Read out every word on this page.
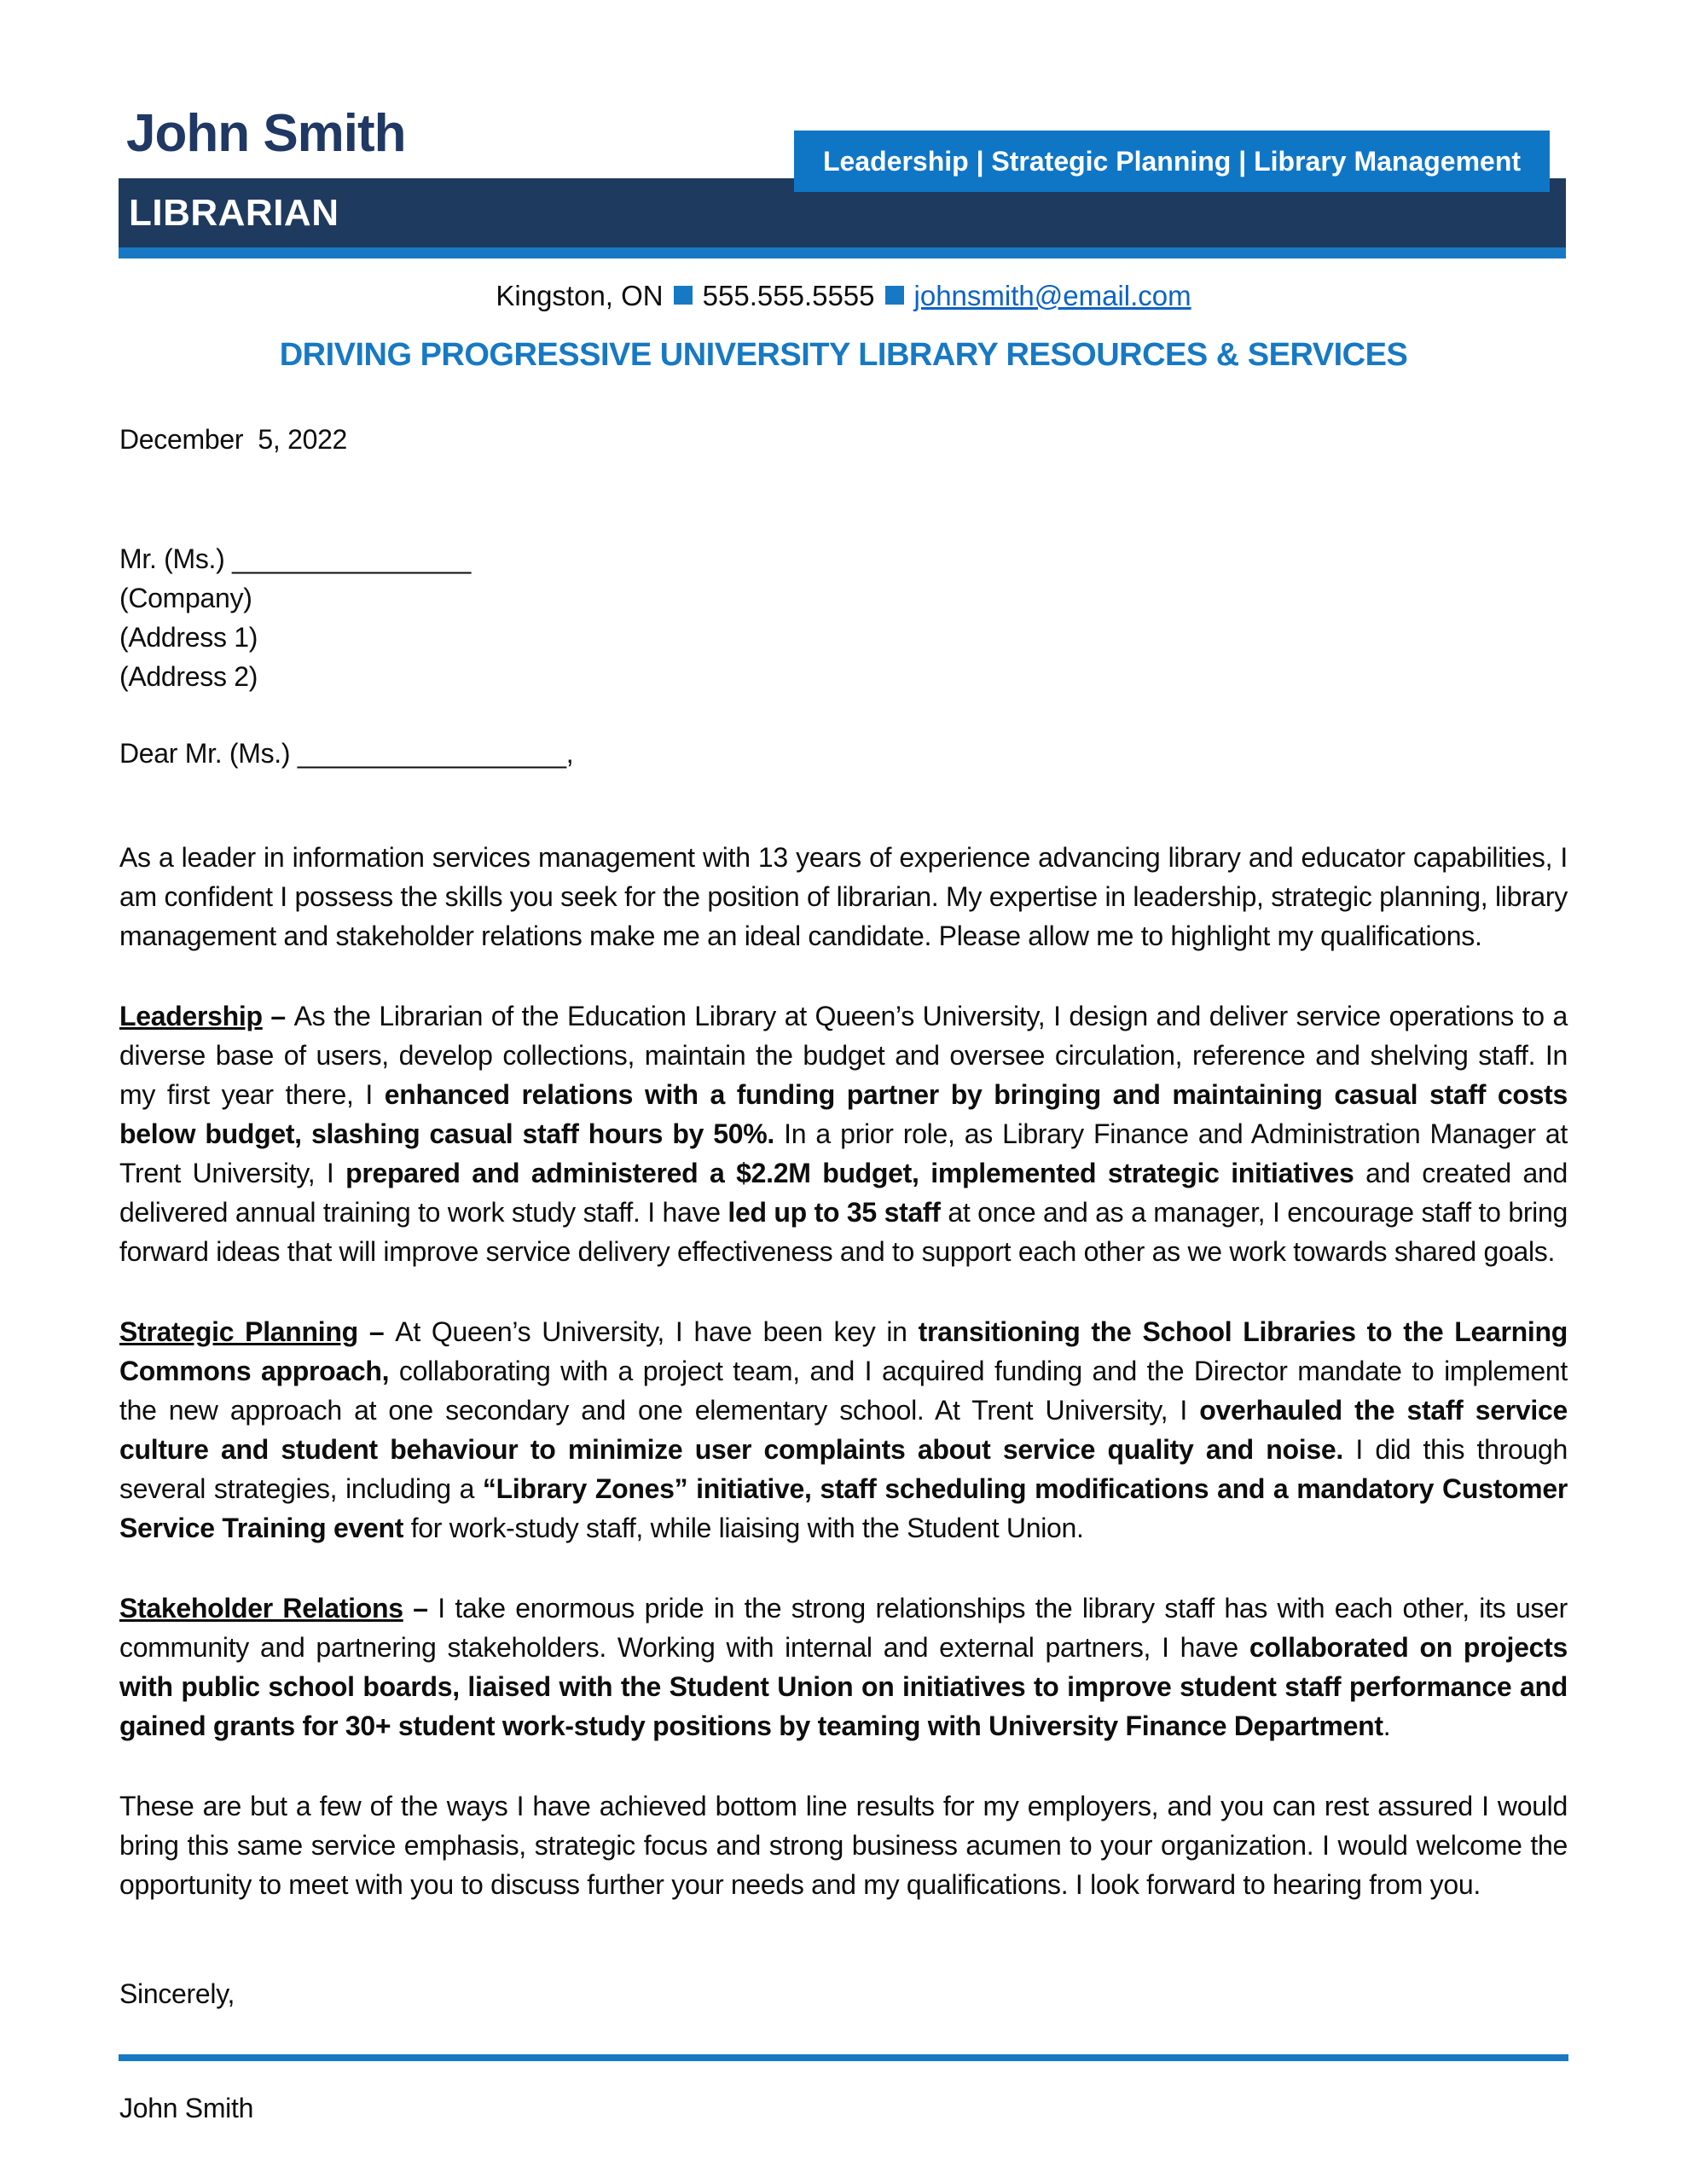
John Smith	Leadership | Strategic Planning | Library Management
LIBRARIAN
Kingston, ON 555.555.5555 johnsmith@email.com
DRIVING PROGRESSIVE UNIVERSITY LIBRARY RESOURCES & SERVICES
December  5, 2022
Mr. (Ms.) ________________
(Company)
(Address 1)
(Address 2)
Dear Mr. (Ms.) __________________,

As a leader in information services management with 13 years of experience advancing library and educator capabilities, I am confident I possess the skills you seek for the position of librarian. My expertise in leadership, strategic planning, library management and stakeholder relations make me an ideal candidate. Please allow me to highlight my qualifications.

Leadership – As the Librarian of the Education Library at Queen’s University, I design and deliver service operations to a diverse base of users, develop collections, maintain the budget and oversee circulation, reference and shelving staff. In my first year there, I enhanced relations with a funding partner by bringing and maintaining casual staff costs below budget, slashing casual staff hours by 50%. In a prior role, as Library Finance and Administration Manager at Trent University, I prepared and administered a $2.2M budget, implemented strategic initiatives and created and delivered annual training to work study staff. I have led up to 35 staff at once and as a manager, I encourage staff to bring forward ideas that will improve service delivery effectiveness and to support each other as we work towards shared goals.

Strategic Planning – At Queen’s University, I have been key in transitioning the School Libraries to the Learning Commons approach, collaborating with a project team, and I acquired funding and the Director mandate to implement the new approach at one secondary and one elementary school. At Trent University, I overhauled the staff service culture and student behaviour to minimize user complaints about service quality and noise. I did this through several strategies, including a “Library Zones” initiative, staff scheduling modifications and a mandatory Customer Service Training event for work-study staff, while liaising with the Student Union.

Stakeholder Relations – I take enormous pride in the strong relationships the library staff has with each other, its user community and partnering stakeholders. Working with internal and external partners, I have collaborated on projects with public school boards, liaised with the Student Union on initiatives to improve student staff performance and gained grants for 30+ student work-study positions by teaming with University Finance Department.

These are but a few of the ways I have achieved bottom line results for my employers, and you can rest assured I would bring this same service emphasis, strategic focus and strong business acumen to your organization. I would welcome the opportunity to meet with you to discuss further your needs and my qualifications. I look forward to hearing from you.

Sincerely,
John Smith
